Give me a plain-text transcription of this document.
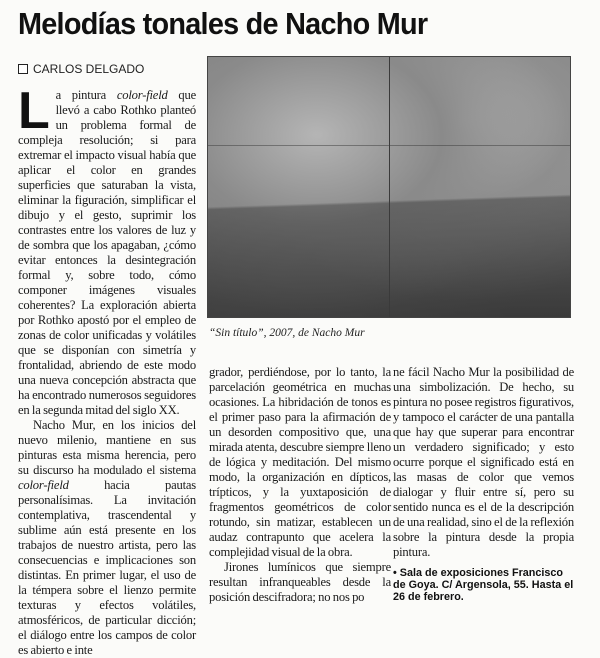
Melodías tonales de Nacho Mur
CARLOS DELGADO

La pintura color-field que llevó a cabo Rothko planteó un problema formal de compleja resolución; si para extremar el impacto visual había que aplicar el color en grandes superficies que saturaban la vista, eliminar la figuración, simplificar el dibujo y el gesto, suprimir los contrastes entre los valores de luz y de sombra que los apagaban, ¿cómo evitar entonces la desintegración formal y, sobre todo, cómo componer imágenes visuales coherentes? La exploración abierta por Rothko apostó por el empleo de zonas de color unificadas y volátiles que se disponían con simetría y frontalidad, abriendo de este modo una nueva concepción abstracta que ha encontrado numerosos seguidores en la segunda mitad del siglo XX.

Nacho Mur, en los inicios del nuevo milenio, mantiene en sus pinturas esta misma herencia, pero su discurso ha modulado el sistema color-field hacia pautas personalísimas. La invitación contemplativa, trascendental y sublime aún está presente en los trabajos de nuestro artista, pero las consecuencias e implicaciones son distintas. En primer lugar, el uso de la témpera sobre el lienzo permite texturas y efectos volátiles, atmosféricos, de particular dicción; el diálogo entre los campos de color es abierto e inte

“Sin título”, 2007, de Nacho Mur

grador, perdiéndose, por lo tanto, la parcelación geométrica en muchas ocasiones. La hibridación de tonos es el primer paso para la afirmación de un desorden compositivo que, una mirada atenta, descubre siempre lleno de lógica y meditación. Del mismo modo, la organización en dípticos, trípticos, y la yuxtaposición de fragmentos geométricos de color rotundo, sin matizar, establecen un audaz contrapunto que acelera la complejidad visual de la obra.

Jirones lumínicos que siempre resultan infranqueables desde la posición descifradora; no nos po

ne fácil Nacho Mur la posibilidad de una simbolización. De hecho, su pintura no posee registros figurativos, y tampoco el carácter de una pantalla que hay que superar para encontrar un verdadero significado; y esto ocurre porque el significado está en las masas de color que vemos dialogar y fluir entre sí, pero su sentido nunca es el de la descripción de una realidad, sino el de la reflexión sobre la pintura desde la propia pintura.

• Sala de exposiciones Francisco de Goya. C/ Argensola, 55. Hasta el 26 de febrero.
